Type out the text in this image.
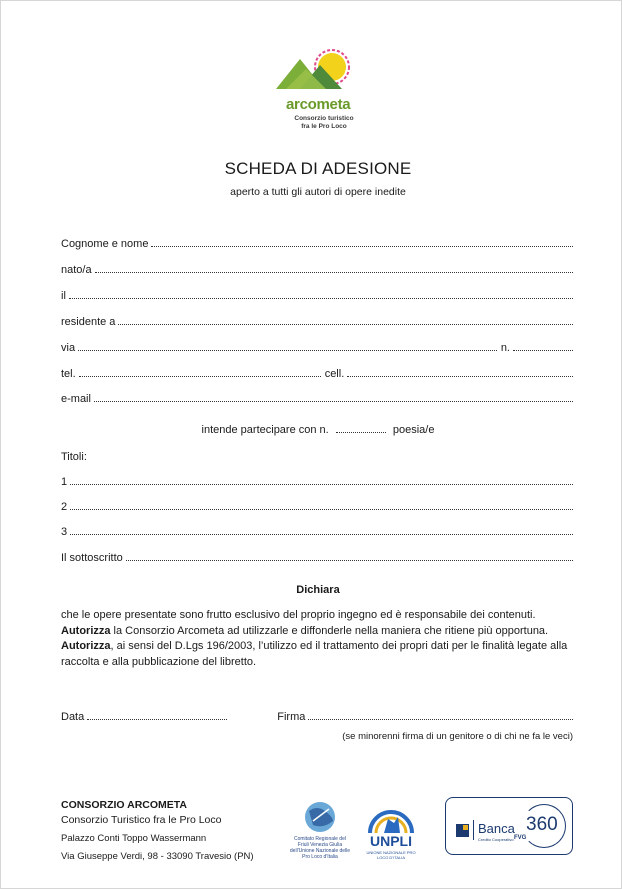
arcometa
Consorzio turistico
fra le Pro Loco
SCHEDA DI ADESIONE
aperto a tutti gli autori di opere inedite
Cognome e nome
nato/a
il
residente a
via	n.
tel.	cell.
e-mail
intende partecipare con n.	poesia/e
Titoli:
1
2
3
Il sottoscritto
Dichiara
che le opere presentate sono frutto esclusivo del proprio ingegno ed è responsabile dei contenuti.
Autorizza la Consorzio Arcometa ad utilizzarle e diffonderle nella maniera che ritiene più opportuna.
Autorizza, ai sensi del D.Lgs 196/2003, l’utilizzo ed il trattamento dei propri dati per le finalità legate alla raccolta e alla pubblicazione del libretto.
Data	Firma
(se minorenni firma di un genitore o di chi ne fa le veci)
CONSORZIO ARCOMETA
Consorzio Turistico fra le Pro Loco
Palazzo Conti Toppo Wassermann
Via Giuseppe Verdi, 98 - 33090 Travesio (PN)
Comitato Regionale del Friuli Venezia Giulia dell'Unione Nazionale delle Pro Loco d'Italia
UNPLI
UNIONE NAZIONALE PRO LOCO D'ITALIA
Banca
Credito Cooperativo FVG
360
